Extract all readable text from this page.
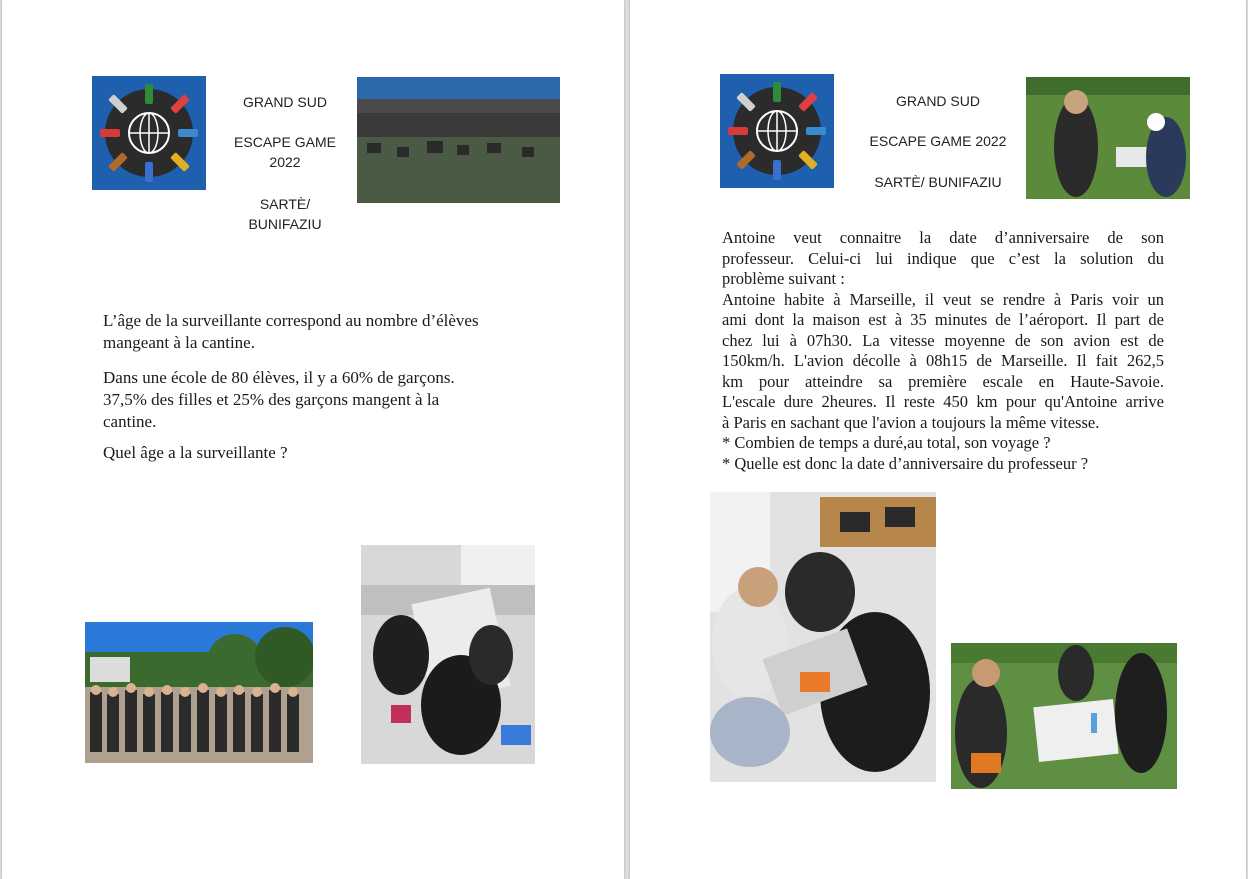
GRAND SUD
ESCAPE GAME
2022
SARTÈ/
BUNIFAZIU

L’âge de la surveillante correspond au nombre d’élèves

mangeant à la cantine.

Dans une école de 80 élèves, il y a 60% de garçons.

37,5% des filles et 25% des garçons mangent à la

cantine.

Quel âge a la surveillante ?

GRAND SUD
ESCAPE GAME 2022
SARTÈ/ BUNIFAZIU

Antoine veut connaitre la date d’anniversaire de son

professeur. Celui-ci lui indique que c’est la solution du

problème suivant :

Antoine habite à Marseille, il veut se rendre à Paris voir un

ami dont la maison est à 35 minutes de l’aéroport. Il part de

chez lui à 07h30. La vitesse moyenne de son avion est de

150km/h. L'avion décolle à 08h15 de Marseille. Il fait 262,5

km pour atteindre sa première escale en Haute-Savoie.

L'escale dure 2heures. Il reste 450 km pour qu'Antoine arrive

à Paris en sachant que l'avion a toujours la même vitesse.

* Combien de temps a duré,au total, son voyage ?

* Quelle est donc la date d’anniversaire du professeur ?
